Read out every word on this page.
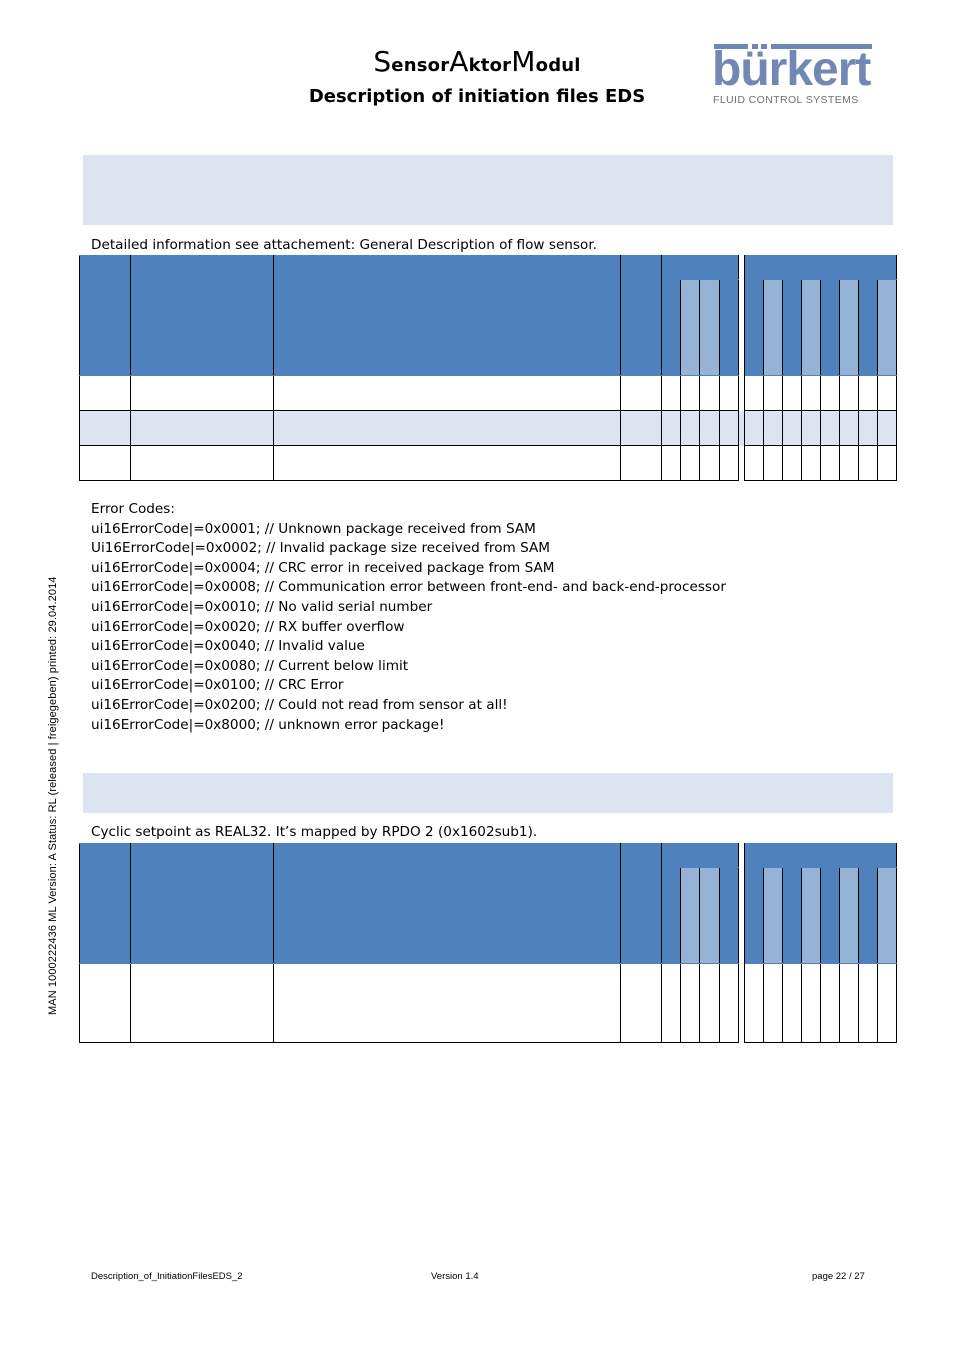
SensorAktorModul
Description of initiation files EDS
bürkert
FLUID CONTROL SYSTEMS
Detailed information see attachement: General Description of flow sensor.

Error Codes:
ui16ErrorCode|=0x0001; // Unknown package received from SAM
Ui16ErrorCode|=0x0002; // Invalid package size received from SAM
ui16ErrorCode|=0x0004; // CRC error in received package from SAM
ui16ErrorCode|=0x0008; // Communication error between front-end- and back-end-processor
ui16ErrorCode|=0x0010; // No valid serial number
ui16ErrorCode|=0x0020; // RX buffer overflow
ui16ErrorCode|=0x0040; // Invalid value
ui16ErrorCode|=0x0080; // Current below limit
ui16ErrorCode|=0x0100; // CRC Error
ui16ErrorCode|=0x0200; // Could not read from sensor at all!
ui16ErrorCode|=0x8000; // unknown error package!
Cyclic setpoint as REAL32. It’s mapped by RPDO 2 (0x1602sub1).

MAN 1000222436 ML Version: A Status: RL (released | freigegeben) printed: 29.04.2014
Description_of_InitiationFilesEDS_2	Version 1.4	page 22 / 27
